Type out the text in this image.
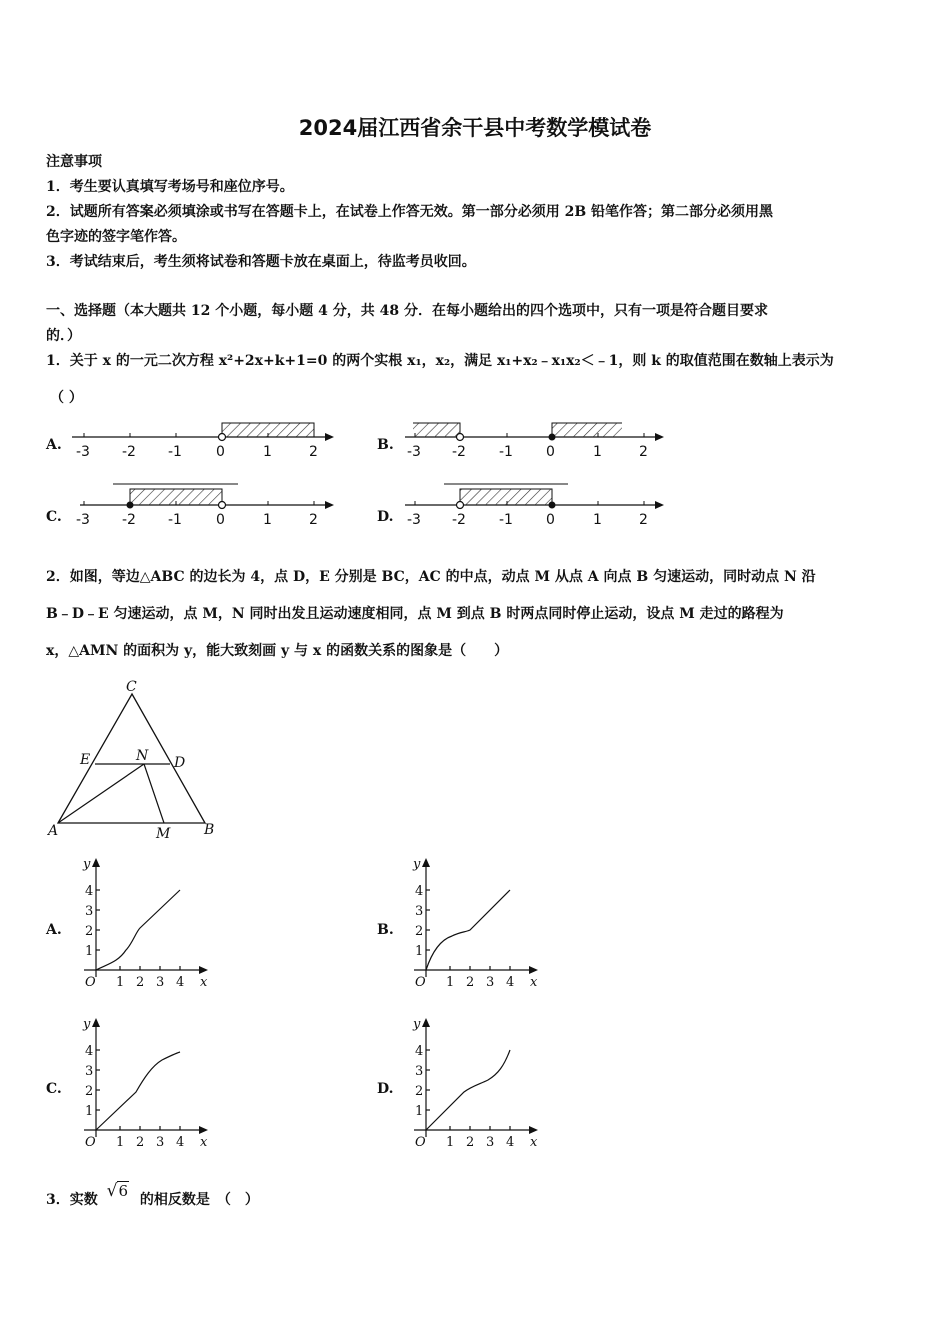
2024届江西省余干县中考数学模试卷
注意事项
1．考生要认真填写考场号和座位序号。
2．试题所有答案必须填涂或书写在答题卡上，在试卷上作答无效。第一部分必须用 2B 铅笔作答；第二部分必须用黑
色字迹的签字笔作答。
3．考试结束后，考生须将试卷和答题卡放在桌面上，待监考员收回。
一、选择题（本大题共 12 个小题，每小题 4 分，共 48 分．在每小题给出的四个选项中，只有一项是符合题目要求
的．）
1．关于 x 的一元二次方程 x²+2x+k+1=0 的两个实根 x₁，x₂，满足 x₁+x₂﹣x₁x₂＜﹣1，则 k 的取值范围在数轴上表示为
（ ）
A.	B.
C.	D.
-3 -2 -1 0	1	2	-3 -2 -1 0	1	2
-3 -2 -1 0	1	2	-3 -2 -1 0	1	2
2．如图，等边△ABC 的边长为 4，点 D，E 分别是 BC，AC 的中点，动点 M 从点 A 向点 B 匀速运动，同时动点 N 沿
B﹣D﹣E 匀速运动，点 M，N 同时出发且运动速度相同，点 M 到点 B 时两点同时停止运动，设点 M 走过的路程为
x，△AMN 的面积为 y，能大致刻画 y 与 x 的函数关系的图象是（　　）
C
E	N D
A	M B
A.	B.
C.	D.
y
O	x
1
2
3
4
1 2 3 4
y
O	x
1
2
3
4
1 2 3 4
y
O	x
1
2
3
4
1 2 3 4
y
O	x
1
2
3
4
1 2 3 4
3．实数 √6 的相反数是　（　）
